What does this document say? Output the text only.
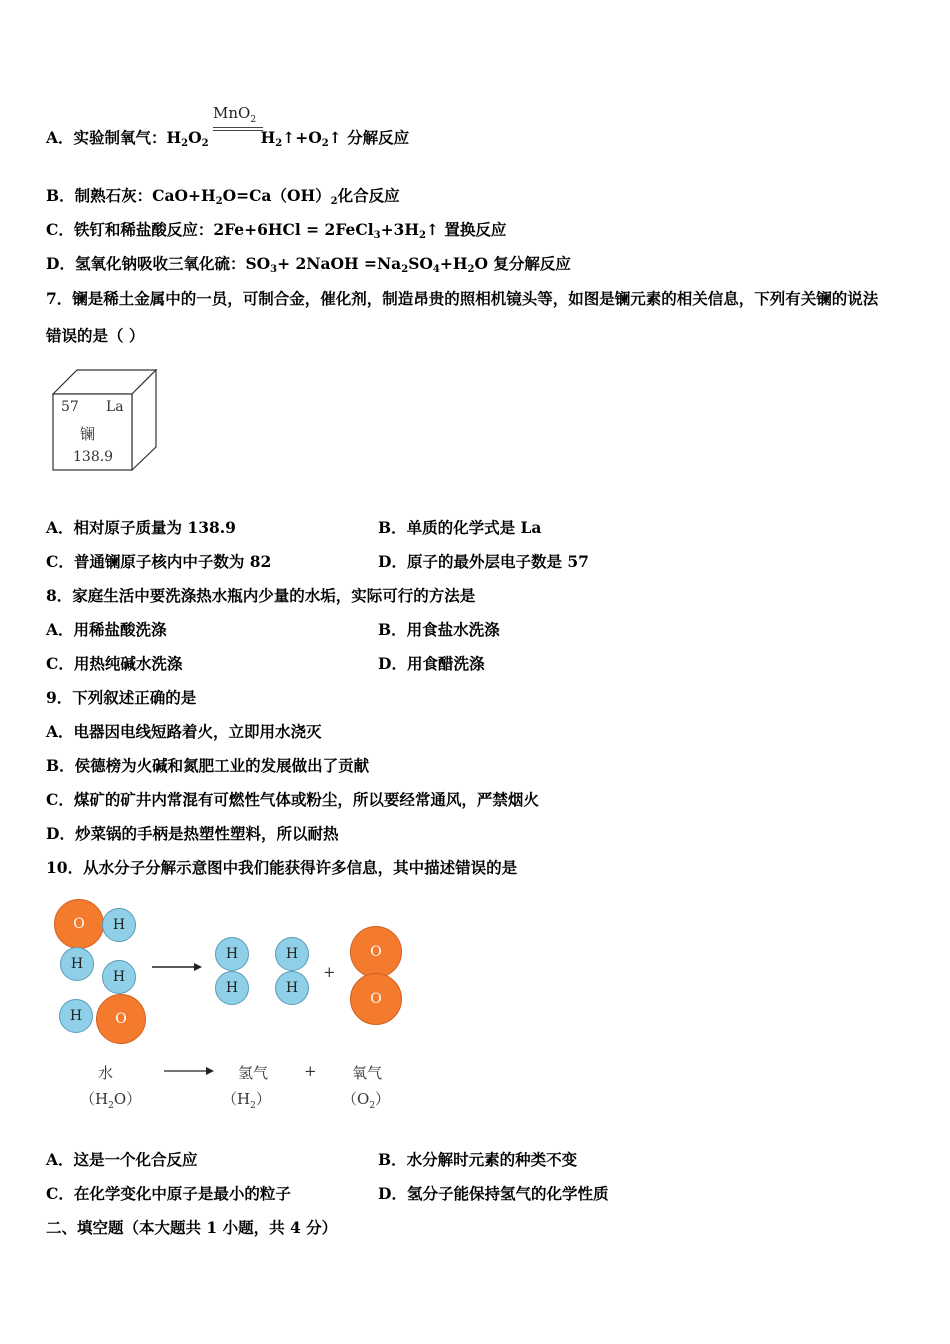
MnO$_2$
A．实验制氧气：$H_2O_2$	$H_2↑+O_2↑$ 分解反应
B．制熟石灰：$CaO+H_2O=Ca(OH)_2$化合反应
C．铁钉和稀盐酸反应：$2Fe+6HCl = 2FeCl_3+3H_2↑$ 置换反应
D．氢氧化钠吸收三氧化硫：$SO_3+$ 2NaOH $=Na_2SO_4+H_2O$ 复分解反应
7．镧是稀土金属中的一员，可制合金，催化剂，制造昂贵的照相机镜头等，如图是镧元素的相关信息，下列有关镧的说法
错误的是（ ）
57 La
镧
138.9
A．相对原子质量为 138.9	B．单质的化学式是 La
C．普通镧原子核内中子数为 82	D．原子的最外层电子数是 57
8．家庭生活中要洗涤热水瓶内少量的水垢，实际可行的方法是
A．用稀盐酸洗涤	B．用食盐水洗涤
C．用热纯碱水洗涤	D．用食醋洗涤
9．下列叙述正确的是
A．电器因电线短路着火，立即用水浇灭
B．侯德榜为火碱和氮肥工业的发展做出了贡献
C．煤矿的矿井内常混有可燃性气体或粉尘，所以要经常通风，严禁烟火
D．炒菜锅的手柄是热塑性塑料，所以耐热
10．从水分子分解示意图中我们能获得许多信息，其中描述错误的是
O	H
H
H
H	O
H
H
H
H
+
O
O
水	氢气 + 氧气
$(H_2O)$	$(H_2)$	$(O_2)$
A．这是一个化合反应	B．水分解时元素的种类不变
C．在化学变化中原子是最小的粒子	D．氢分子能保持氢气的化学性质
二、填空题（本大题共 1 小题，共 4 分）
